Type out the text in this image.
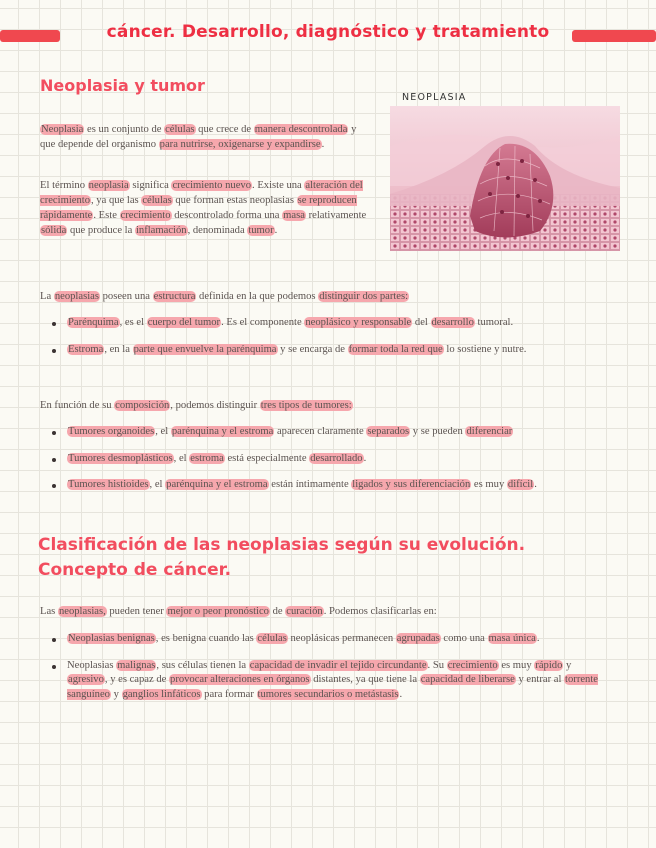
cáncer. Desarrollo, diagnóstico y tratamiento
Neoplasia y tumor
NEOPLASIA

Neoplasia es un conjunto de células que crece de manera descontrolada y que depende del organismo para nutrirse, oxigenarse y expandirse.

El término neoplasia significa crecimiento nuevo. Existe una alteración del crecimiento, ya que las células que forman estas neoplasias se reproducen rápidamente. Este crecimiento descontrolado forma una masa relativamente sólida que produce la inflamación, denominada tumor.

La neoplasias poseen una estructura definida en la que podemos distinguir dos partes:

Parénquima, es el cuerpo del tumor. Es el componente neoplásico y responsable del desarrollo tumoral.
Estroma, en la parte que envuelve la parénquima y se encarga de formar toda la red que lo sostiene y nutre.

En función de su composición, podemos distinguir tres tipos de tumores:

Tumores organoides, el parénquina y el estroma aparecen claramente separados y se pueden diferenciar
Tumores desmoplásticos, el estroma está especialmente desarrollado.
Tumores histioides, el parénquina y el estroma están íntimamente ligados y sus diferenciación es muy difícil.
Clasificación de las neoplasias según su evolución.
Concepto de cáncer.

Las neoplasias, pueden tener mejor o peor pronóstico de curación. Podemos clasificarlas en:

Neoplasias benignas, es benigna cuando las células neoplásicas permanecen agrupadas como una masa única.
Neoplasias malignas, sus células tienen la capacidad de invadir el tejido circundante. Su crecimiento es muy rápido y agresivo, y es capaz de provocar alteraciones en órganos distantes, ya que tiene la capacidad de liberarse y entrar al torrente sanguíneo y ganglios linfáticos para formar tumores secundarios o metástasis.
